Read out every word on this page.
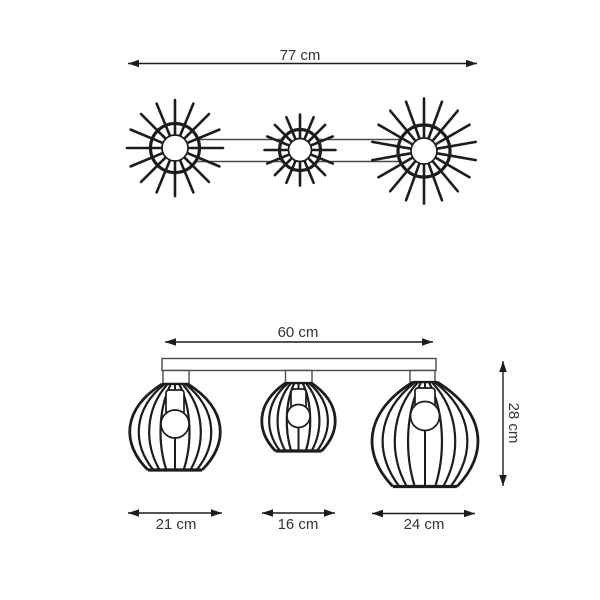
77 cm
60 cm
28 cm
21 cm	16 cm	24 cm
